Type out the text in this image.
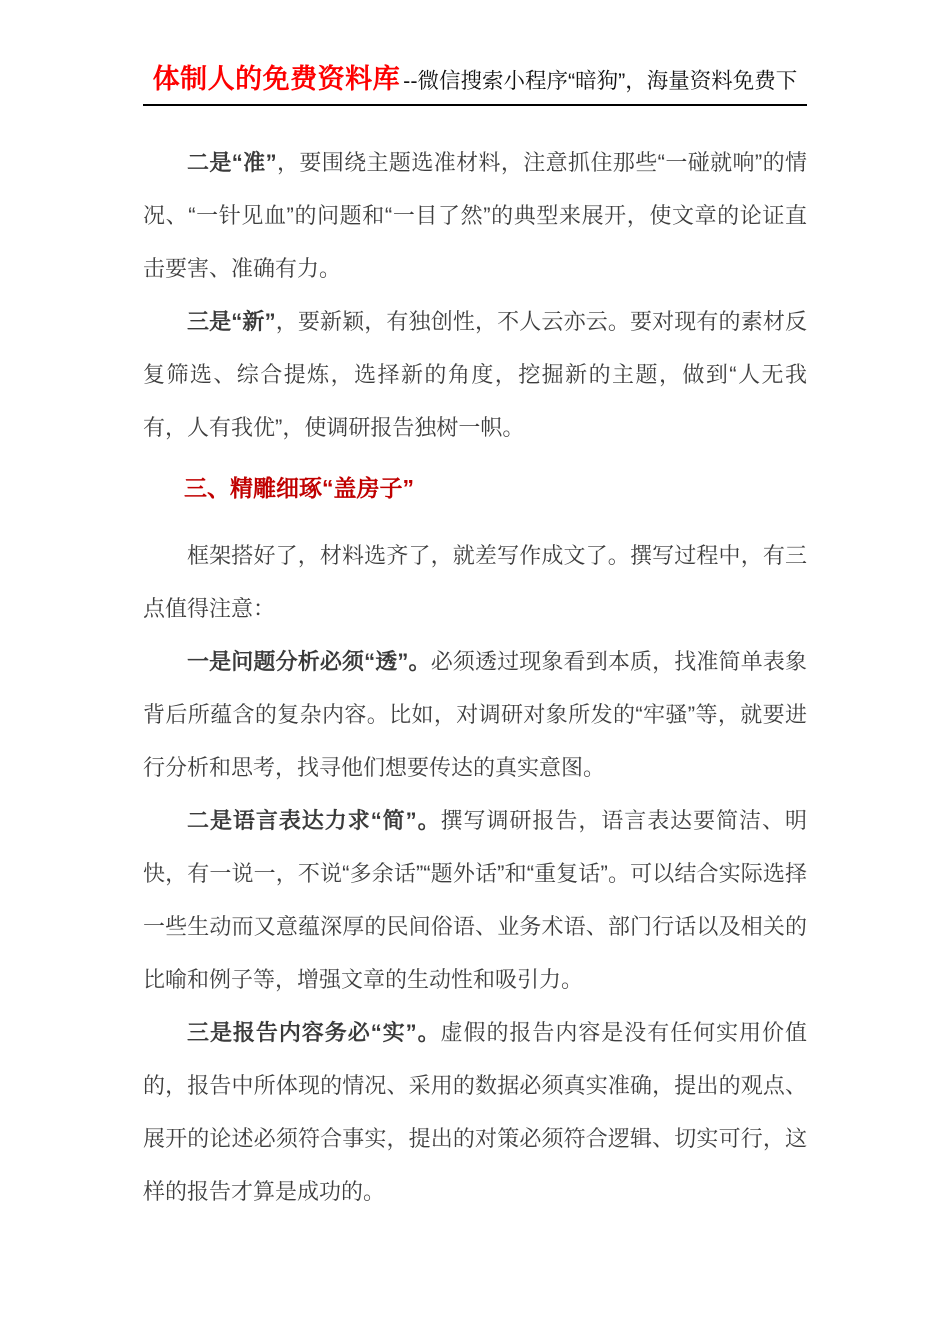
体制人的免费资料库 --微信搜索小程序“暗狗”，海量资料免费下

二是“准”，要围绕主题选准材料，注意抓住那些“一碰就响”的情况、“一针见血”的问题和“一目了然”的典型来展开，使文章的论证直击要害、准确有力。

三是“新”，要新颖，有独创性，不人云亦云。要对现有的素材反复筛选、综合提炼，选择新的角度，挖掘新的主题，做到“人无我有，人有我优”，使调研报告独树一帜。

三、精雕细琢“盖房子”

框架搭好了，材料选齐了，就差写作成文了。撰写过程中，有三点值得注意：

一是问题分析必须“透”。必须透过现象看到本质，找准简单表象背后所蕴含的复杂内容。比如，对调研对象所发的“牢骚”等，就要进行分析和思考，找寻他们想要传达的真实意图。

二是语言表达力求“简”。撰写调研报告，语言表达要简洁、明快，有一说一，不说“多余话”“题外话”和“重复话”。可以结合实际选择一些生动而又意蕴深厚的民间俗语、业务术语、部门行话以及相关的比喻和例子等，增强文章的生动性和吸引力。

三是报告内容务必“实”。虚假的报告内容是没有任何实用价值的，报告中所体现的情况、采用的数据必须真实准确，提出的观点、展开的论述必须符合事实，提出的对策必须符合逻辑、切实可行，这样的报告才算是成功的。
